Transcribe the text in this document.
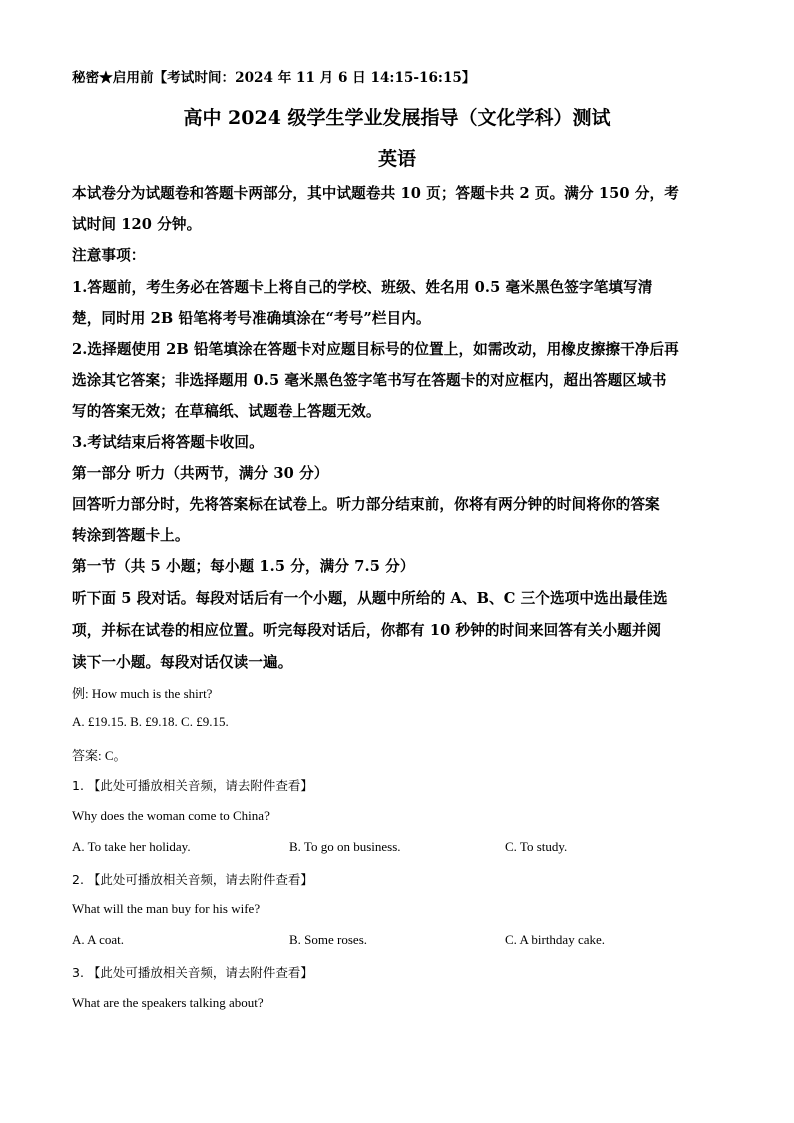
秘密★启用前【考试时间：2024 年 11 月 6 日 14:15-16:15】
高中 2024 级学生学业发展指导（文化学科）测试
英语
本试卷分为试题卷和答题卡两部分，其中试题卷共 10 页；答题卡共 2 页。满分 150 分，考
试时间 120 分钟。
注意事项：
1.答题前，考生务必在答题卡上将自己的学校、班级、姓名用 0.5 毫米黑色签字笔填写清
楚，同时用 2B 铅笔将考号准确填涂在“考号”栏目内。
2.选择题使用 2B 铅笔填涂在答题卡对应题目标号的位置上，如需改动，用橡皮擦擦干净后再
选涂其它答案；非选择题用 0.5 毫米黑色签字笔书写在答题卡的对应框内，超出答题区域书
写的答案无效；在草稿纸、试题卷上答题无效。
3.考试结束后将答题卡收回。
第一部分 听力（共两节，满分 30 分）
回答听力部分时，先将答案标在试卷上。听力部分结束前，你将有两分钟的时间将你的答案
转涂到答题卡上。
第一节（共 5 小题；每小题 1.5 分，满分 7.5 分）
听下面 5 段对话。每段对话后有一个小题，从题中所给的 A、B、C 三个选项中选出最佳选
项，并标在试卷的相应位置。听完每段对话后，你都有 10 秒钟的时间来回答有关小题并阅
读下一小题。每段对话仅读一遍。
例: How much is the shirt?
A. £19.15. B. £9.18. C. £9.15.
答案: C。
1. 【此处可播放相关音频，请去附件查看】
Why does the woman come to China?
A. To take her holiday.	B. To go on business.	C. To study.
2. 【此处可播放相关音频，请去附件查看】
What will the man buy for his wife?
A. A coat.	B. Some roses.	C. A birthday cake.
3. 【此处可播放相关音频，请去附件查看】
What are the speakers talking about?
